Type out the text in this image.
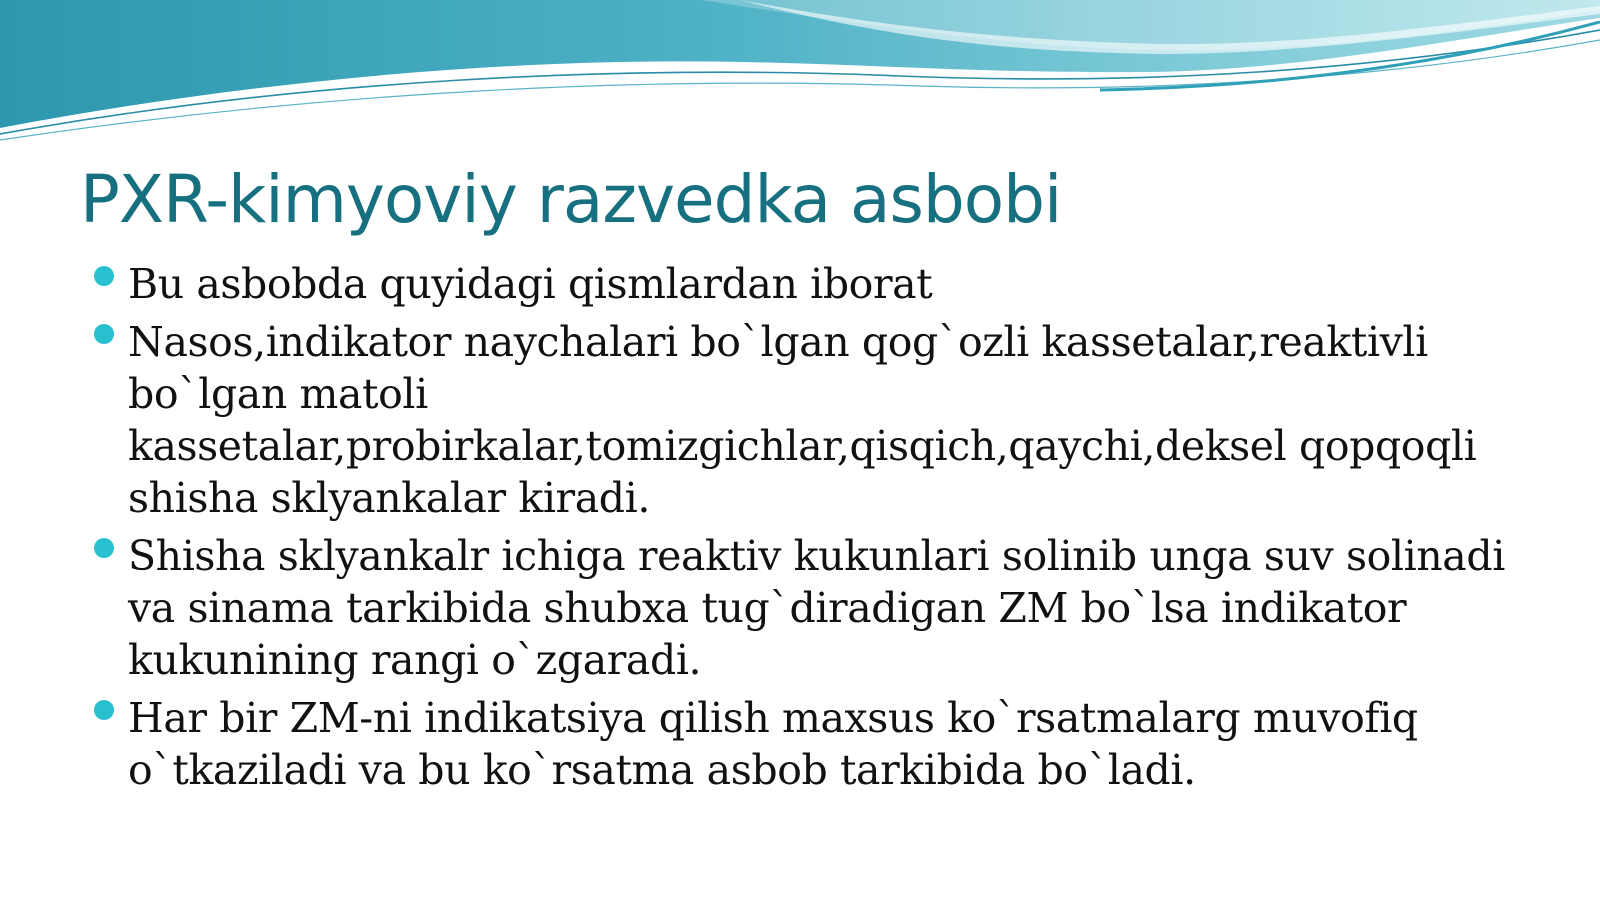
PXR-kimyoviy razvedka asbobi
Bu asbobda quyidagi qismlardan iborat
Nasos,indikator naychalari bo`lgan qog`ozli kassetalar,reaktivli bo`lgan matoli kassetalar,probirkalar,tomizgichlar,qisqich,qaychi,deksel qopqoqli shisha sklyankalar kiradi.
Shisha sklyankalr ichiga reaktiv kukunlari solinib unga suv solinadi va sinama tarkibida shubxa tug`diradigan ZM bo`lsa indikator kukunining rangi o`zgaradi.
Har bir ZM-ni indikatsiya qilish maxsus ko`rsatmalarg muvofiq o`tkaziladi va bu ko`rsatma asbob tarkibida bo`ladi.
